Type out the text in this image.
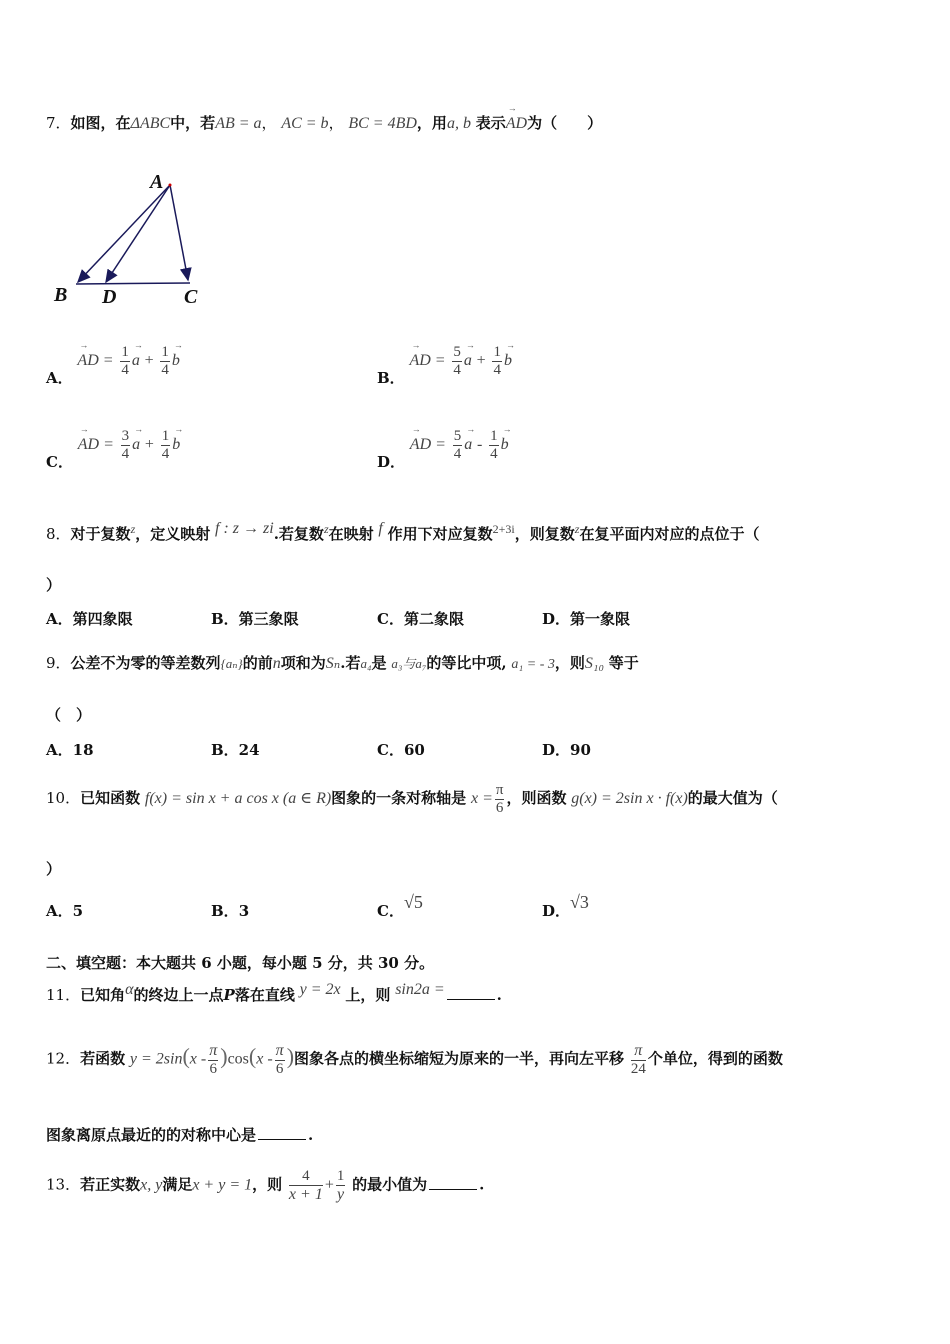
7．如图，在ΔABC中，若AB = a， AC = b， BC = 4BD，用a, b 表示→ AD为（　　）
A
B D	C
A． → AD = $\frac{1}{4}$
→ $a + \frac{1}{4}$
→ b
B． → AD = $\frac{5}{4}$
→ $a + \frac{1}{4}$
→ b
C． → AD = $\frac{3}{4}$
→ $a + \frac{1}{4}$
→ b
D． → AD = $\frac{5}{4}$
→ a - $\frac{1}{4}$
→ b
8．对于复数$^z$，定义映射 f : z → zi.若复数$^z$在映射 f 作用下对应复数$^{2+3i}$，则复数$^z$在复平面内对应的点位于（
）
A．第四象限	B．第三象限	C．第二象限	D．第一象限
9．公差不为零的等差数列{aₙ}的前n项和为Sₙ.若a₄是 a₃与a₇的等比中项, a₁ = - 3，则S₁₀ 等于
（　）
A．18	B．24	C．60	D．90
10．已知函数 f(x) = sin x + a cos x (a ∈ R)图象的一条对称轴是 $x = \frac{\pi}{6}$ ，则函数 g(x) = 2sin x · f(x)的最大值为（
）
A．5	B．3	C．√5	D．√3
二、填空题：本大题共 6 小题，每小题 5 分，共 30 分。
11．已知角α的终边上一点P落在直线 y = 2x 上，则 sin2a =	.
12．若函数 $y = 2\sin(x - \frac{\pi}{6} )\cos(x - \frac{\pi}{6}$ )图象各点的横坐标缩短为原来的一半，再向左平移 $\frac{\pi}{24}$ 个单位，得到的函数
图象离原点最近的的对称中心是	.
13．若正实数x, y满足x + y = 1，则 $\frac{4}{x + 1} + \frac{1}{y}$ 的最小值为	.
